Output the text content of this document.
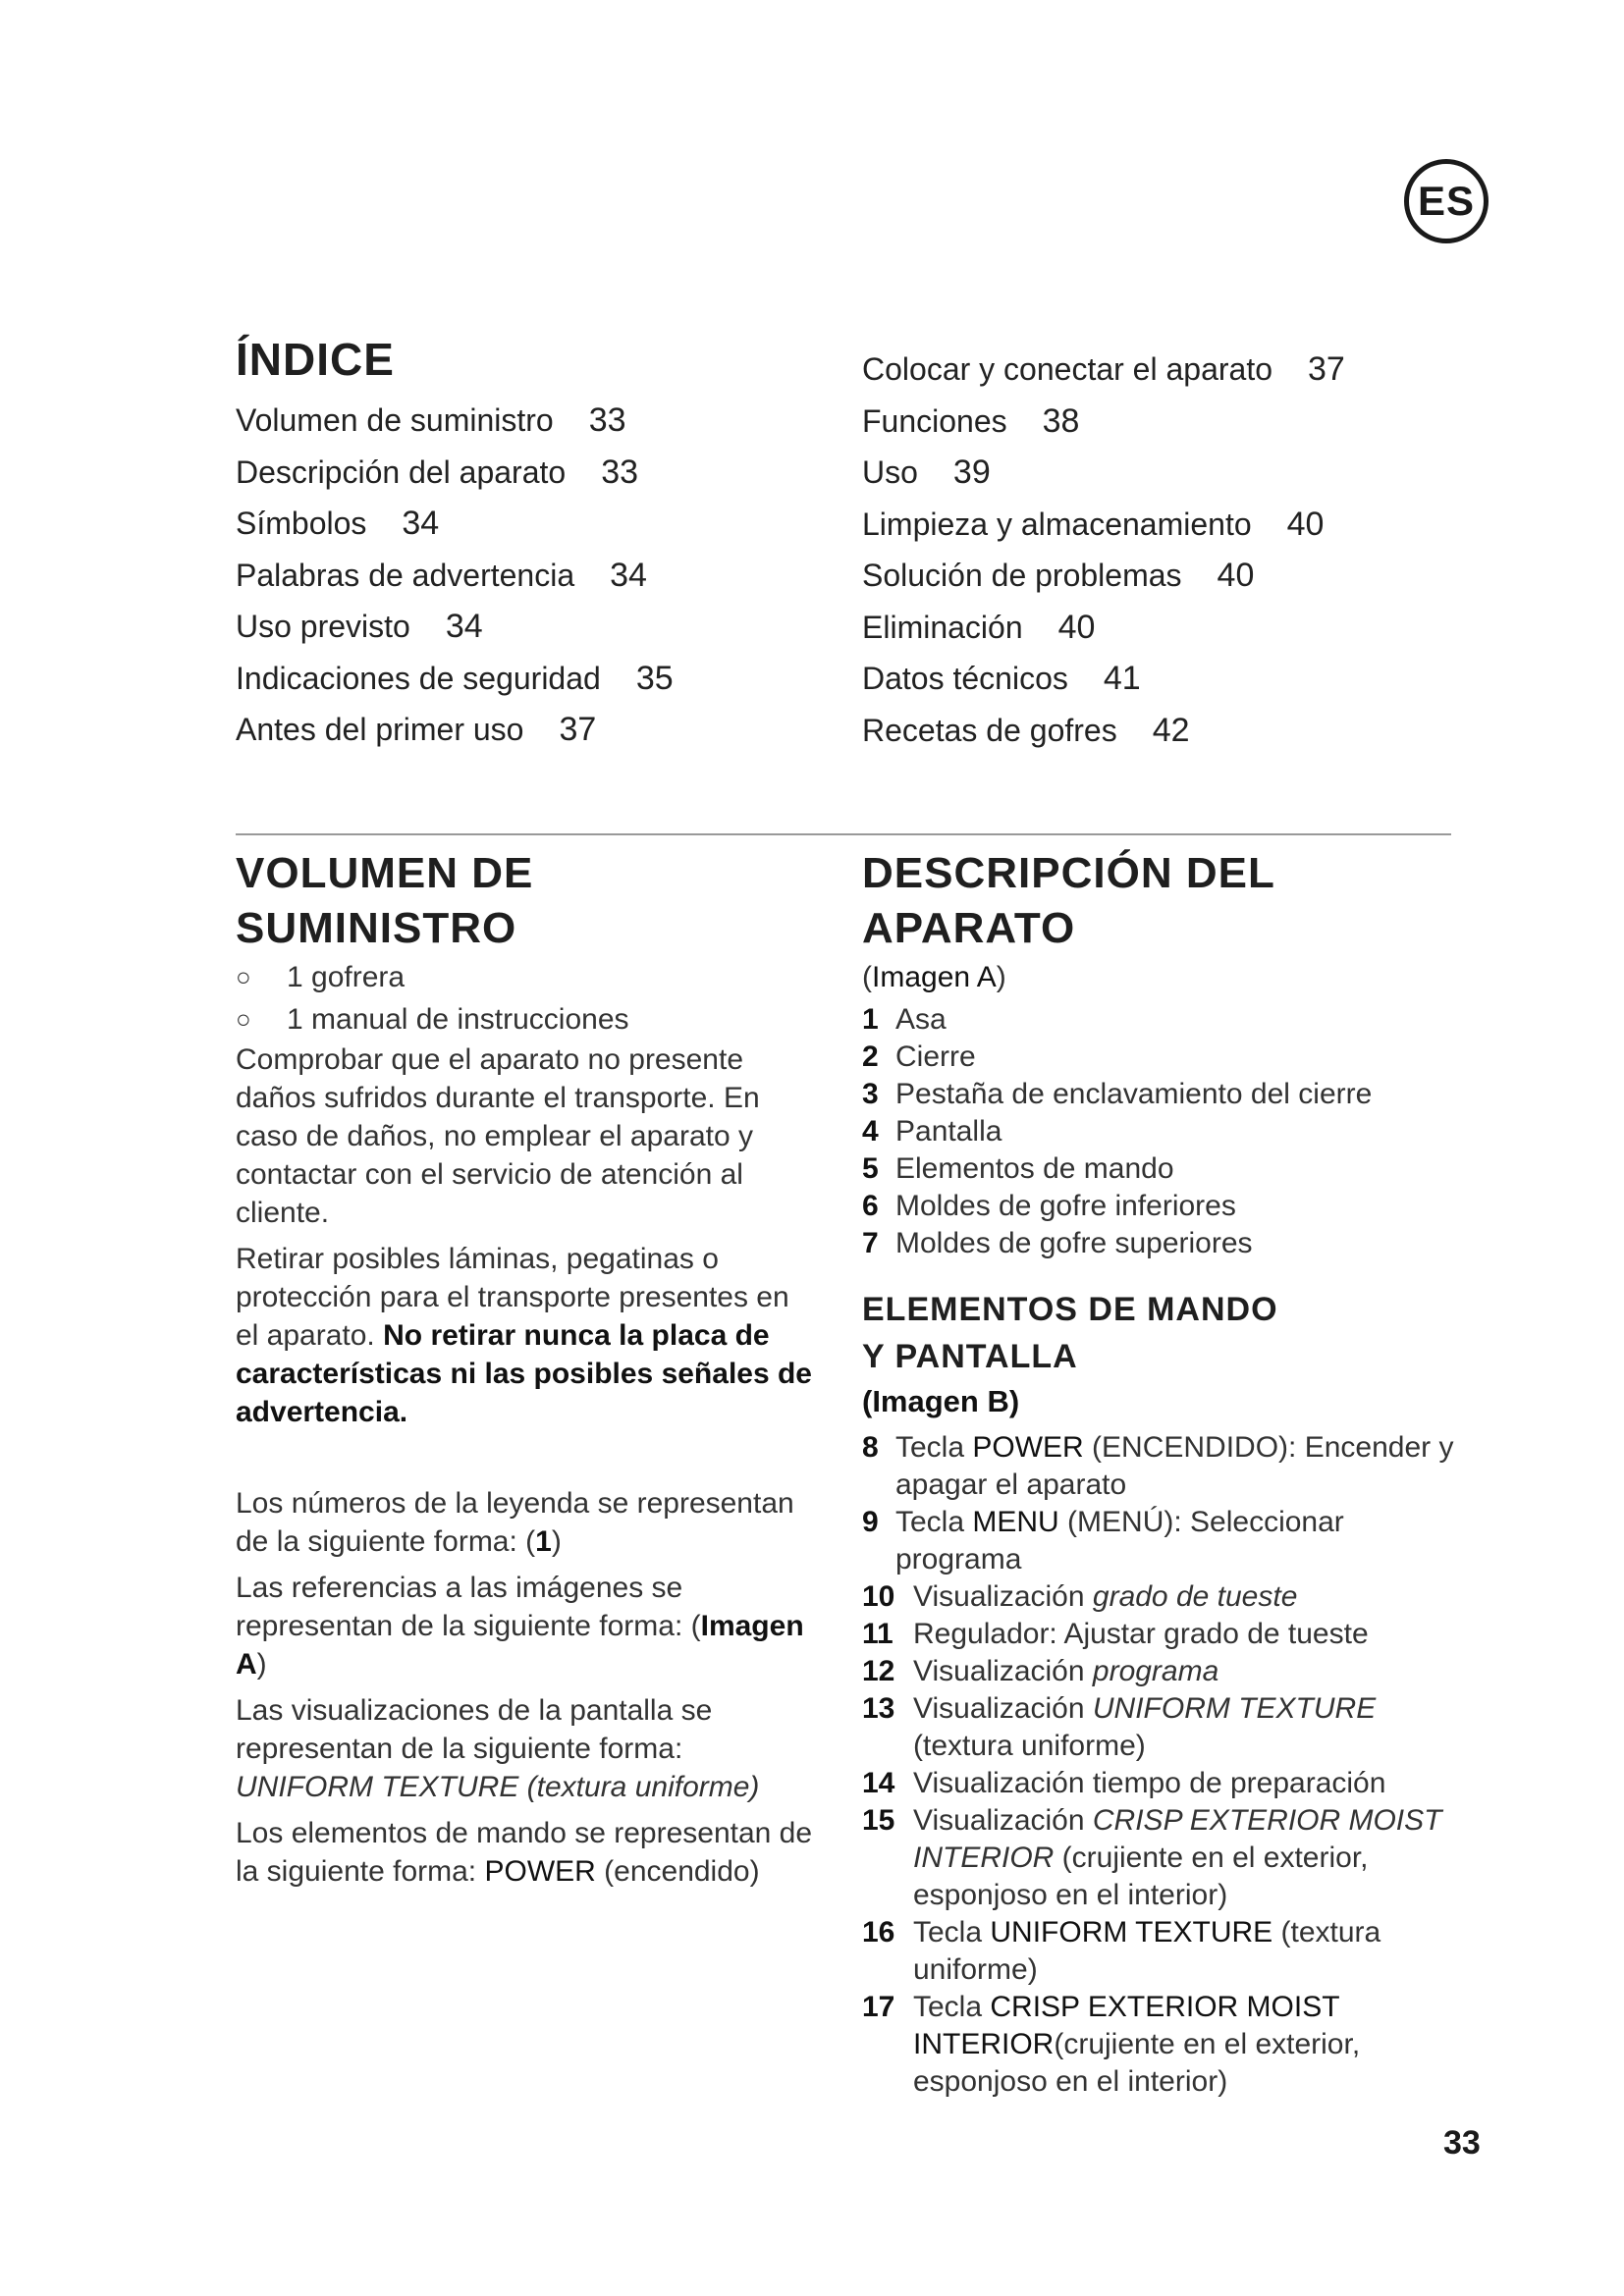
ES
ÍNDICE
Volumen de suministro 33
Descripción del aparato 33
Símbolos 34
Palabras de advertencia 34
Uso previsto 34
Indicaciones de seguridad 35
Antes del primer uso 37
Colocar y conectar el aparato 37
Funciones 38
Uso 39
Limpieza y almacenamiento 40
Solución de problemas 40
Eliminación 40
Datos técnicos 41
Recetas de gofres 42
VOLUMEN DE
SUMINISTRO
○	1 gofrera
○	1 manual de instrucciones

Comprobar que el aparato no presente daños sufridos durante el transporte. En caso de daños, no emplear el aparato y contactar con el servicio de atención al cliente.

Retirar posibles láminas, pegatinas o protección para el transporte presentes en el aparato. No retirar nunca la placa de características ni las posibles señales de advertencia.

Los números de la leyenda se representan de la siguiente forma: (1)

Las referencias a las imágenes se representan de la siguiente forma: (Imagen A)

Las visualizaciones de la pantalla se representan de la siguiente forma: UNIFORM TEXTURE (textura uniforme)

Los elementos de mando se representan de la siguiente forma: POWER (encendido)

DESCRIPCIÓN DEL
APARATO
(Imagen A)
1 Asa
2 Cierre
3 Pestaña de enclavamiento del cierre
4 Pantalla
5 Elementos de mando
6 Moldes de gofre inferiores
7 Moldes de gofre superiores
ELEMENTOS DE MANDO
Y PANTALLA
(Imagen B)
8 Tecla POWER (ENCENDIDO): Encender y apagar el aparato
9 Tecla MENU (MENÚ): Seleccionar programa
10 Visualización grado de tueste
11 Regulador: Ajustar grado de tueste
12 Visualización programa
13 Visualización UNIFORM TEXTURE (textura uniforme)
14 Visualización tiempo de preparación
15 Visualización CRISP EXTERIOR MOIST INTERIOR (crujiente en el exterior, esponjoso en el interior)
16 Tecla UNIFORM TEXTURE (textura uniforme)
17 Tecla CRISP EXTERIOR MOIST INTERIOR(crujiente en el exterior, esponjoso en el interior)
33
